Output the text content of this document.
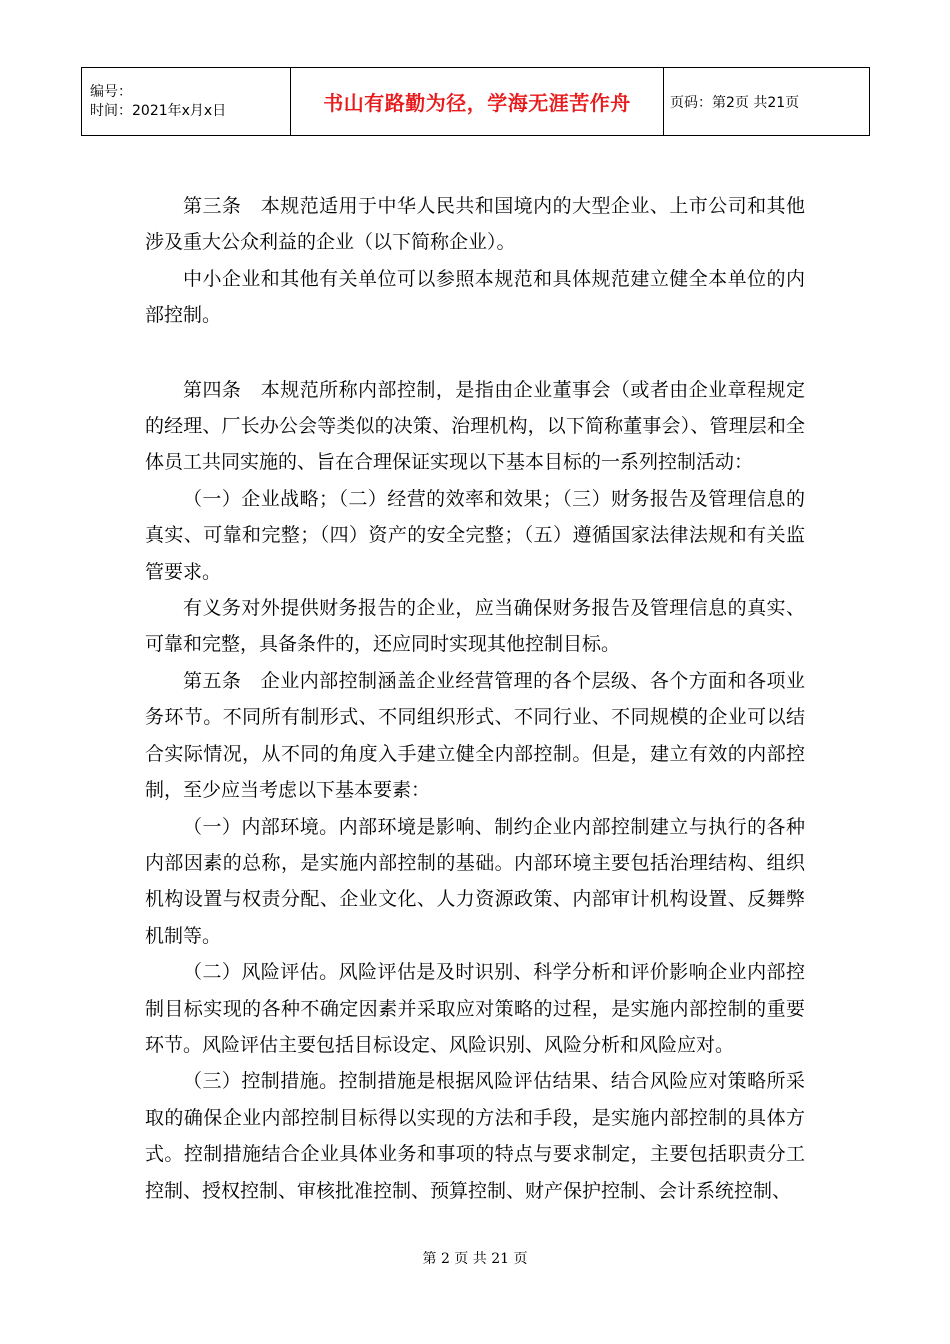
编号：
时间：2021年x月x日	书山有路勤为径，学海无涯苦作舟	页码：第2页 共21页

第三条　本规范适用于中华人民共和国境内的大型企业、上市公司和其他涉及重大公众利益的企业（以下简称企业）。

中小企业和其他有关单位可以参照本规范和具体规范建立健全本单位的内部控制。

第四条　本规范所称内部控制，是指由企业董事会（或者由企业章程规定的经理、厂长办公会等类似的决策、治理机构，以下简称董事会）、管理层和全体员工共同实施的、旨在合理保证实现以下基本目标的一系列控制活动：

（一）企业战略；（二）经营的效率和效果；（三）财务报告及管理信息的真实、可靠和完整；（四）资产的安全完整；（五）遵循国家法律法规和有关监管要求。

有义务对外提供财务报告的企业，应当确保财务报告及管理信息的真实、可靠和完整，具备条件的，还应同时实现其他控制目标。

第五条　企业内部控制涵盖企业经营管理的各个层级、各个方面和各项业务环节。不同所有制形式、不同组织形式、不同行业、不同规模的企业可以结合实际情况，从不同的角度入手建立健全内部控制。但是，建立有效的内部控制，至少应当考虑以下基本要素：

（一）内部环境。内部环境是影响、制约企业内部控制建立与执行的各种内部因素的总称，是实施内部控制的基础。内部环境主要包括治理结构、组织机构设置与权责分配、企业文化、人力资源政策、内部审计机构设置、反舞弊机制等。

（二）风险评估。风险评估是及时识别、科学分析和评价影响企业内部控制目标实现的各种不确定因素并采取应对策略的过程，是实施内部控制的重要环节。风险评估主要包括目标设定、风险识别、风险分析和风险应对。

（三）控制措施。控制措施是根据风险评估结果、结合风险应对策略所采取的确保企业内部控制目标得以实现的方法和手段，是实施内部控制的具体方式。控制措施结合企业具体业务和事项的特点与要求制定，主要包括职责分工控制、授权控制、审核批准控制、预算控制、财产保护控制、会计系统控制、

第 2 页 共 21 页
